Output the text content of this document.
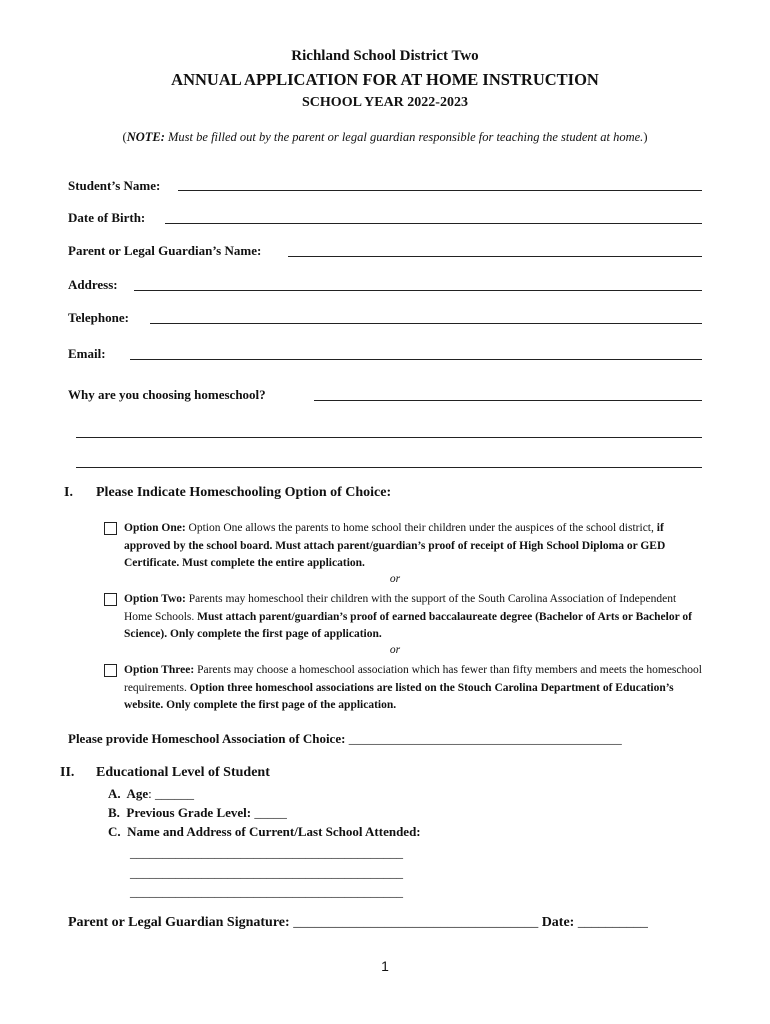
Richland School District Two
ANNUAL APPLICATION FOR AT HOME INSTRUCTION
SCHOOL YEAR 2022-2023
(NOTE: Must be filled out by the parent or legal guardian responsible for teaching the student at home.)
Student’s Name:
Date of Birth:
Parent or Legal Guardian’s Name:
Address:
Telephone:
Email:
Why are you choosing homeschool?
I. Please Indicate Homeschooling Option of Choice:
Option One: Option One allows the parents to home school their children under the auspices of the school district, if approved by the school board. Must attach parent/guardian’s proof of receipt of High School Diploma or GED Certificate. Must complete the entire application.
or
Option Two: Parents may homeschool their children with the support of the South Carolina Association of Independent Home Schools. Must attach parent/guardian’s proof of earned baccalaureate degree (Bachelor of Arts or Bachelor of Science). Only complete the first page of application.
or
Option Three: Parents may choose a homeschool association which has fewer than fifty members and meets the homeschool requirements. Option three homeschool associations are listed on the Stouch Carolina Department of Education’s website. Only complete the first page of the application.
Please provide Homeschool Association of Choice: __________________________________________
II. Educational Level of Student
A. Age: ______
B. Previous Grade Level: _____
C. Name and Address of Current/Last School Attended:
__________________________________________
__________________________________________
__________________________________________
Parent or Legal Guardian Signature: ___________________________________ Date: __________
1
